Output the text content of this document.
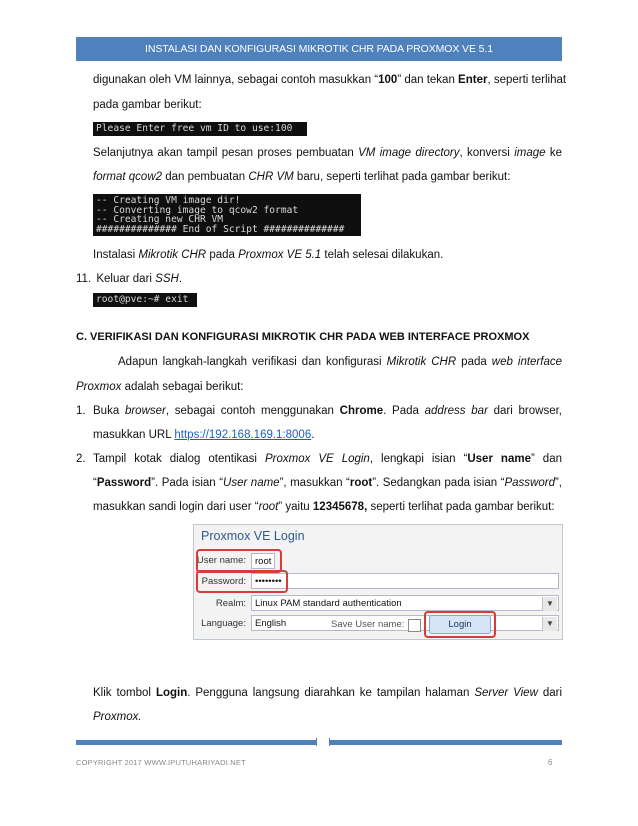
INSTALASI DAN KONFIGURASI MIKROTIK CHR PADA PROXMOX VE 5.1
digunakan oleh VM lainnya, sebagai contoh masukkan “100” dan tekan Enter, seperti terlihat
pada gambar berikut:
Please Enter free vm ID to use:100
Selanjutnya akan tampil pesan proses pembuatan VM image directory, konversi image ke
format qcow2 dan pembuatan CHR VM baru, seperti terlihat pada gambar berikut:
-- Creating VM image dir!
-- Converting image to qcow2 format
-- Creating new CHR VM
############## End of Script ##############
Instalasi Mikrotik CHR pada Proxmox VE 5.1 telah selesai dilakukan.
11. Keluar dari SSH.
root@pve:~# exit
C. VERIFIKASI DAN KONFIGURASI MIKROTIK CHR PADA WEB INTERFACE PROXMOX
Adapun langkah-langkah verifikasi dan konfigurasi Mikrotik CHR pada web interface
Proxmox adalah sebagai berikut:
1. Buka browser, sebagai contoh menggunakan Chrome. Pada address bar dari browser,
masukkan URL https://192.168.169.1:8006.
2. Tampil kotak dialog otentikasi Proxmox VE Login, lengkapi isian “User name” dan
“Password”. Pada isian “User name”, masukkan “root”. Sedangkan pada isian “Password”,
masukkan sandi login dari user “root” yaitu 12345678, seperti terlihat pada gambar berikut:
Proxmox VE Login
User name: root
Password: ••••••••
Realm: Linux PAM standard authentication	▼
Language: English	▼
Save User name:	Login
Klik tombol Login. Pengguna langsung diarahkan ke tampilan halaman Server View dari
Proxmox.
COPYRIGHT 2017 WWW.IPUTUHARIYADI.NET	6
